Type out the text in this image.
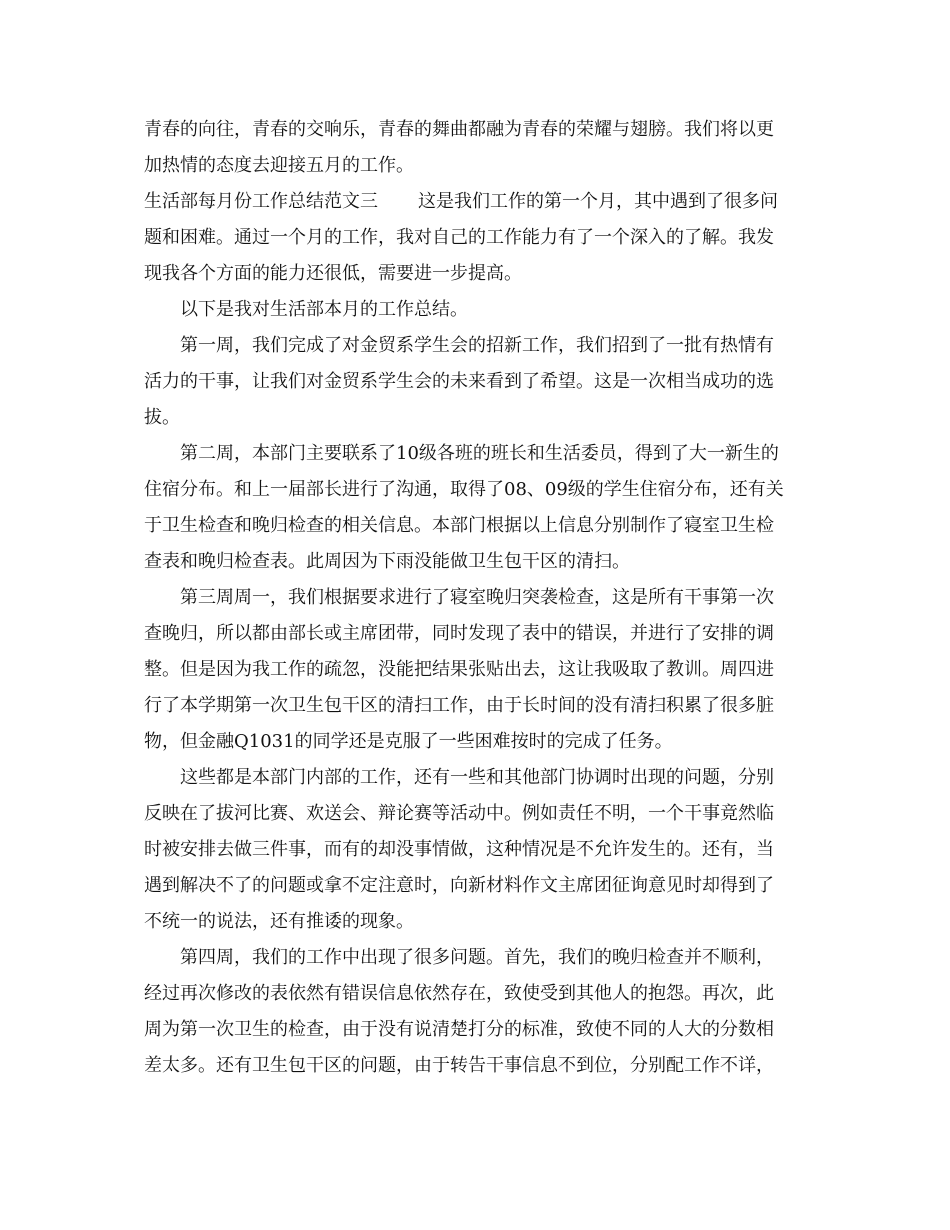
青春的向往，青春的交响乐，青春的舞曲都融为青春的荣耀与翅膀。我们将以更
加热情的态度去迎接五月的工作。

生活部每月份工作总结范文三 这是我们工作的第一个月，其中遇到了很多问
题和困难。通过一个月的工作，我对自己的工作能力有了一个深入的了解。我发
现我各个方面的能力还很低，需要进一步提高。

以下是我对生活部本月的工作总结。

第一周，我们完成了对金贸系学生会的招新工作，我们招到了一批有热情有
活力的干事，让我们对金贸系学生会的未来看到了希望。这是一次相当成功的选
拔。

第二周，本部门主要联系了10级各班的班长和生活委员，得到了大一新生的
住宿分布。和上一届部长进行了沟通，取得了08、09级的学生住宿分布，还有关
于卫生检查和晚归检查的相关信息。本部门根据以上信息分别制作了寝室卫生检
查表和晚归检查表。此周因为下雨没能做卫生包干区的清扫。

第三周周一，我们根据要求进行了寝室晚归突袭检查，这是所有干事第一次
查晚归，所以都由部长或主席团带，同时发现了表中的错误，并进行了安排的调
整。但是因为我工作的疏忽，没能把结果张贴出去，这让我吸取了教训。周四进
行了本学期第一次卫生包干区的清扫工作，由于长时间的没有清扫积累了很多脏
物，但金融Q1031的同学还是克服了一些困难按时的完成了任务。

这些都是本部门内部的工作，还有一些和其他部门协调时出现的问题，分别
反映在了拔河比赛、欢送会、辩论赛等活动中。例如责任不明，一个干事竟然临
时被安排去做三件事，而有的却没事情做，这种情况是不允许发生的。还有，当
遇到解决不了的问题或拿不定注意时，向新材料作文主席团征询意见时却得到了
不统一的说法，还有推诿的现象。

第四周，我们的工作中出现了很多问题。首先，我们的晚归检查并不顺利，
经过再次修改的表依然有错误信息依然存在，致使受到其他人的抱怨。再次，此
周为第一次卫生的检查，由于没有说清楚打分的标准，致使不同的人大的分数相
差太多。还有卫生包干区的问题，由于转告干事信息不到位，分别配工作不详，
